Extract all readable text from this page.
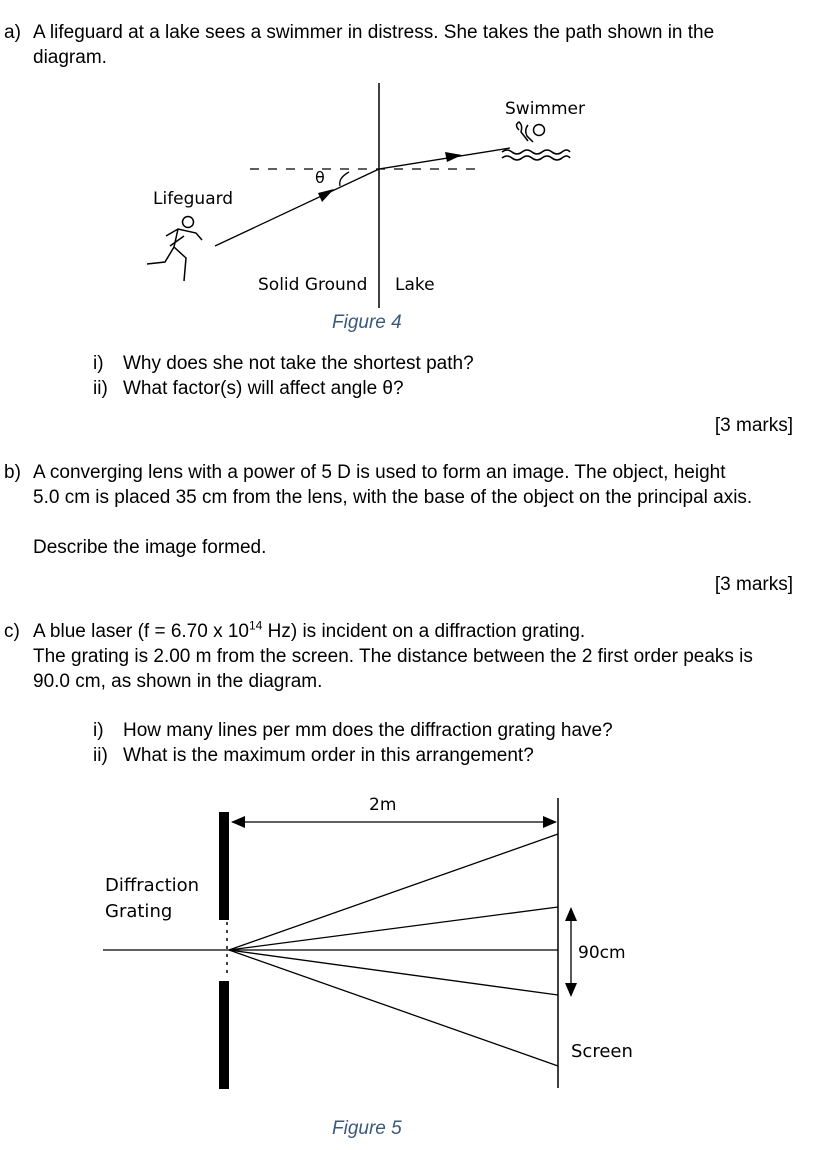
a) A lifeguard at a lake sees a swimmer in distress. She takes the path shown in the

diagram.

Swimmer
Lifeguard
θ
Solid Ground Lake
Figure 4

i) Why does she not take the shortest path?

ii) What factor(s) will affect angle θ?

[3 marks]

b) A converging lens with a power of 5 D is used to form an image. The object, height

5.0 cm is placed 35 cm from the lens, with the base of the object on the principal axis.

Describe the image formed.

[3 marks]

c) A blue laser (f = 6.70 x $10^{14}$ Hz) is incident on a diffraction grating.

The grating is 2.00 m from the screen. The distance between the 2 first order peaks is

90.0 cm, as shown in the diagram.

i) How many lines per mm does the diffraction grating have?

ii) What is the maximum order in this arrangement?

2m
Diffraction
Grating
90cm
Screen
Figure 5
